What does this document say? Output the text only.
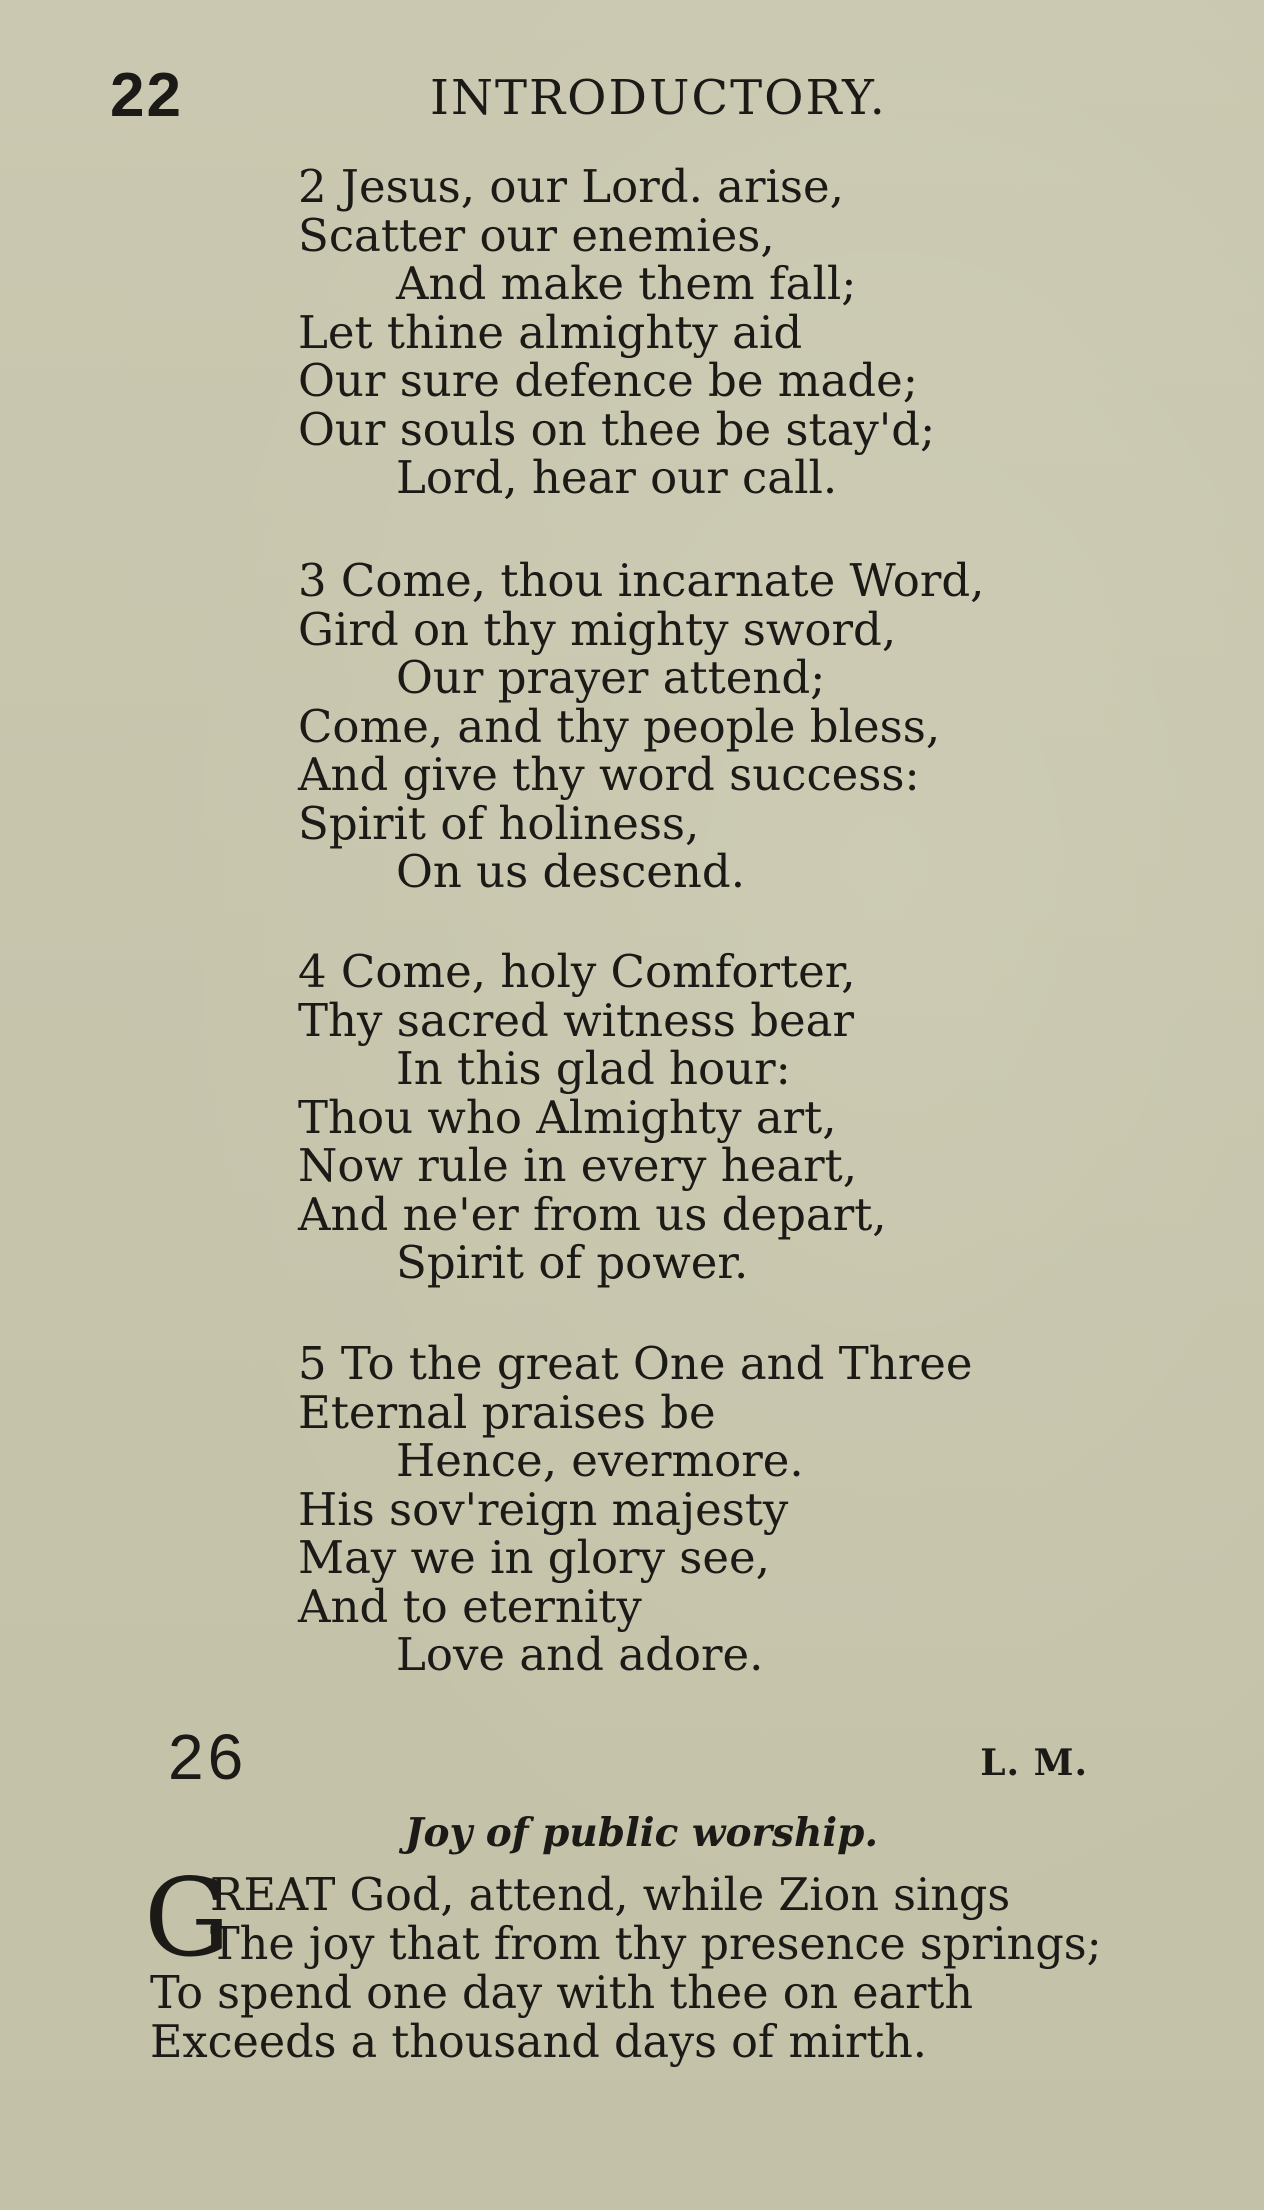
22	INTRODUCTORY.
2 Jesus, our Lord. arise,
Scatter our enemies,
And make them fall;
Let thine almighty aid
Our sure defence be made;
Our souls on thee be stay'd;
Lord, hear our call.
3 Come, thou incarnate Word,
Gird on thy mighty sword,
Our prayer attend;
Come, and thy people bless,
And give thy word success:
Spirit of holiness,
On us descend.
4 Come, holy Comforter,
Thy sacred witness bear
In this glad hour:
Thou who Almighty art,
Now rule in every heart,
And ne'er from us depart,
Spirit of power.
5 To the great One and Three
Eternal praises be
Hence, evermore.
His sov'reign majesty
May we in glory see,
And to eternity
Love and adore.
26	L. M.
Joy of public worship.
G
REAT God, attend, while Zion sings
The joy that from thy presence springs;
To spend one day with thee on earth
Exceeds a thousand days of mirth.
